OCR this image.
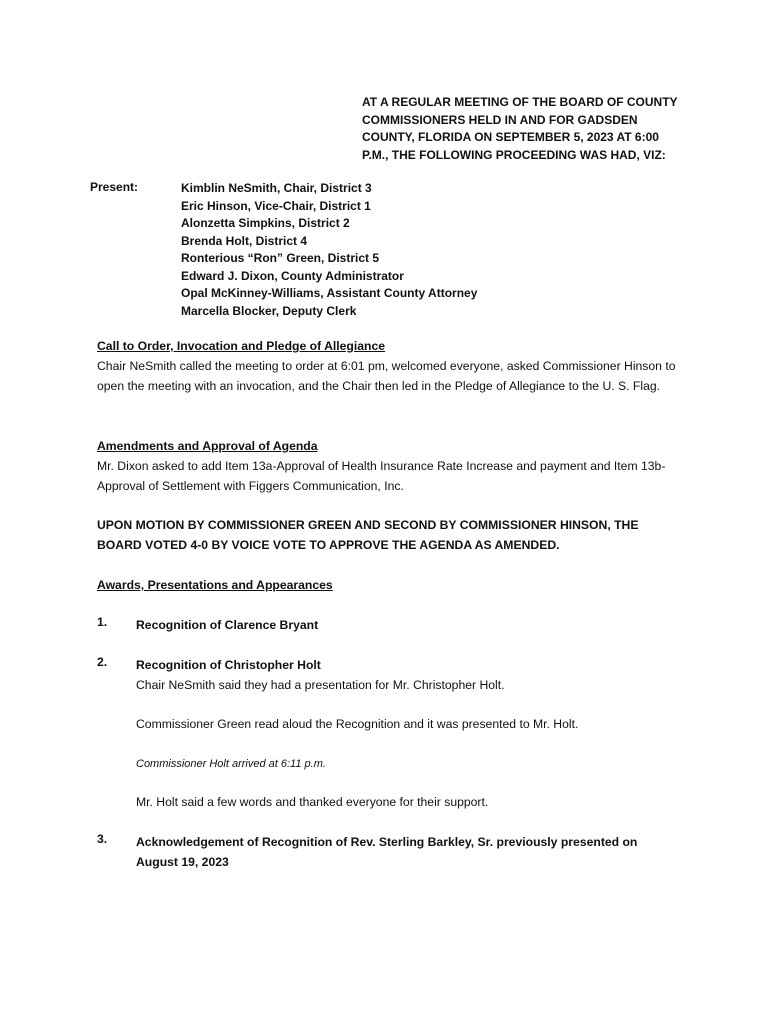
AT A REGULAR MEETING OF THE BOARD OF COUNTY
COMMISSIONERS HELD IN AND FOR GADSDEN
COUNTY, FLORIDA ON SEPTEMBER 5, 2023 AT 6:00
P.M., THE FOLLOWING PROCEEDING WAS HAD, VIZ:
Present:	Kimblin NeSmith, Chair, District 3
Eric Hinson, Vice-Chair, District 1
Alonzetta Simpkins, District 2
Brenda Holt, District 4
Ronterious “Ron” Green, District 5
Edward J. Dixon, County Administrator
Opal McKinney-Williams, Assistant County Attorney
Marcella Blocker, Deputy Clerk
Call to Order, Invocation and Pledge of Allegiance
Chair NeSmith called the meeting to order at 6:01 pm, welcomed everyone, asked Commissioner Hinson to open the meeting with an invocation, and the Chair then led in the Pledge of Allegiance to the U. S. Flag.
Amendments and Approval of Agenda
Mr. Dixon asked to add Item 13a-Approval of Health Insurance Rate Increase and payment and Item 13b-Approval of Settlement with Figgers Communication, Inc.
UPON MOTION BY COMMISSIONER GREEN AND SECOND BY COMMISSIONER HINSON, THE BOARD VOTED 4-0 BY VOICE VOTE TO APPROVE THE AGENDA AS AMENDED.
Awards, Presentations and Appearances
1. Recognition of Clarence Bryant
2. Recognition of Christopher Holt
Chair NeSmith said they had a presentation for Mr. Christopher Holt.
Commissioner Green read aloud the Recognition and it was presented to Mr. Holt.
Commissioner Holt arrived at 6:11 p.m.
Mr. Holt said a few words and thanked everyone for their support.
3. Acknowledgement of Recognition of Rev. Sterling Barkley, Sr. previously presented on August 19, 2023
